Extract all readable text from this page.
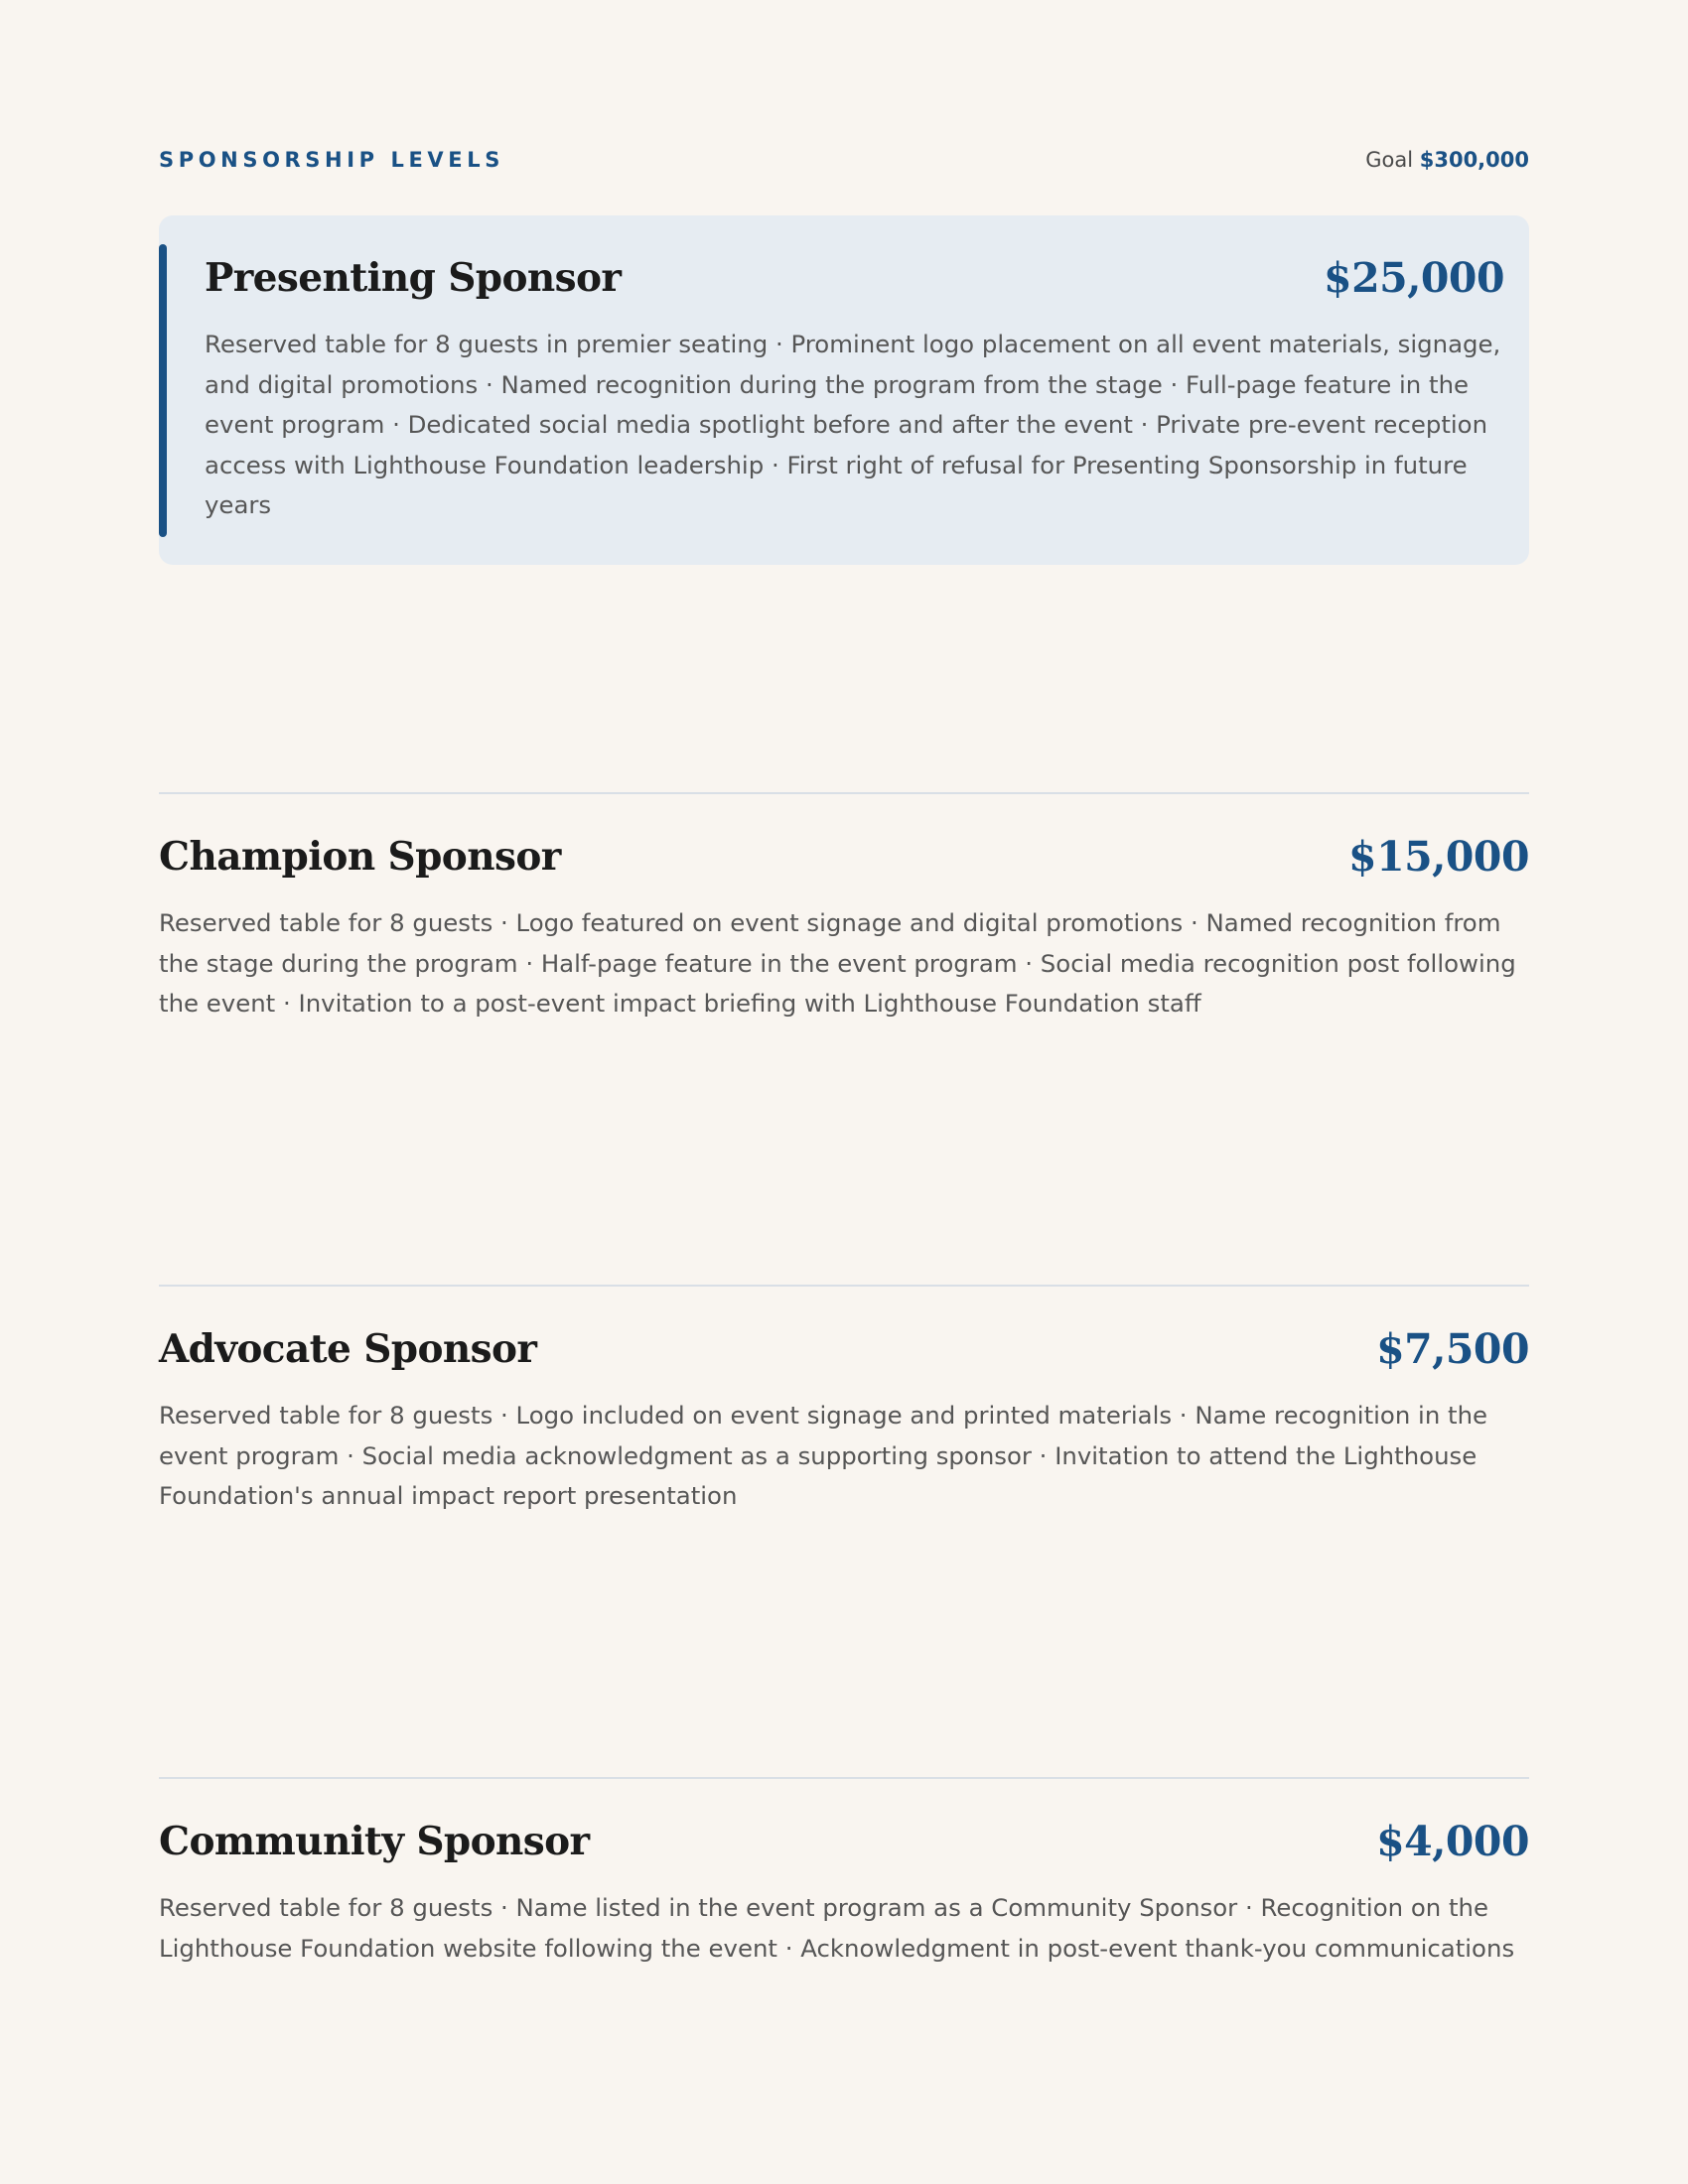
SPONSORSHIP LEVELS	Goal $300,000
Presenting Sponsor	$25,000
Reserved table for 8 guests in premier seating · Prominent logo placement on all event materials, signage, and digital promotions · Named recognition during the program from the stage · Full-page feature in the event program · Dedicated social media spotlight before and after the event · Private pre-event reception access with Lighthouse Foundation leadership · First right of refusal for Presenting Sponsorship in future years
Champion Sponsor	$15,000
Reserved table for 8 guests · Logo featured on event signage and digital promotions · Named recognition from the stage during the program · Half-page feature in the event program · Social media recognition post following the event · Invitation to a post-event impact briefing with Lighthouse Foundation staff
Advocate Sponsor	$7,500
Reserved table for 8 guests · Logo included on event signage and printed materials · Name recognition in the event program · Social media acknowledgment as a supporting sponsor · Invitation to attend the Lighthouse Foundation's annual impact report presentation
Community Sponsor	$4,000
Reserved table for 8 guests · Name listed in the event program as a Community Sponsor · Recognition on the Lighthouse Foundation website following the event · Acknowledgment in post-event thank-you communications
